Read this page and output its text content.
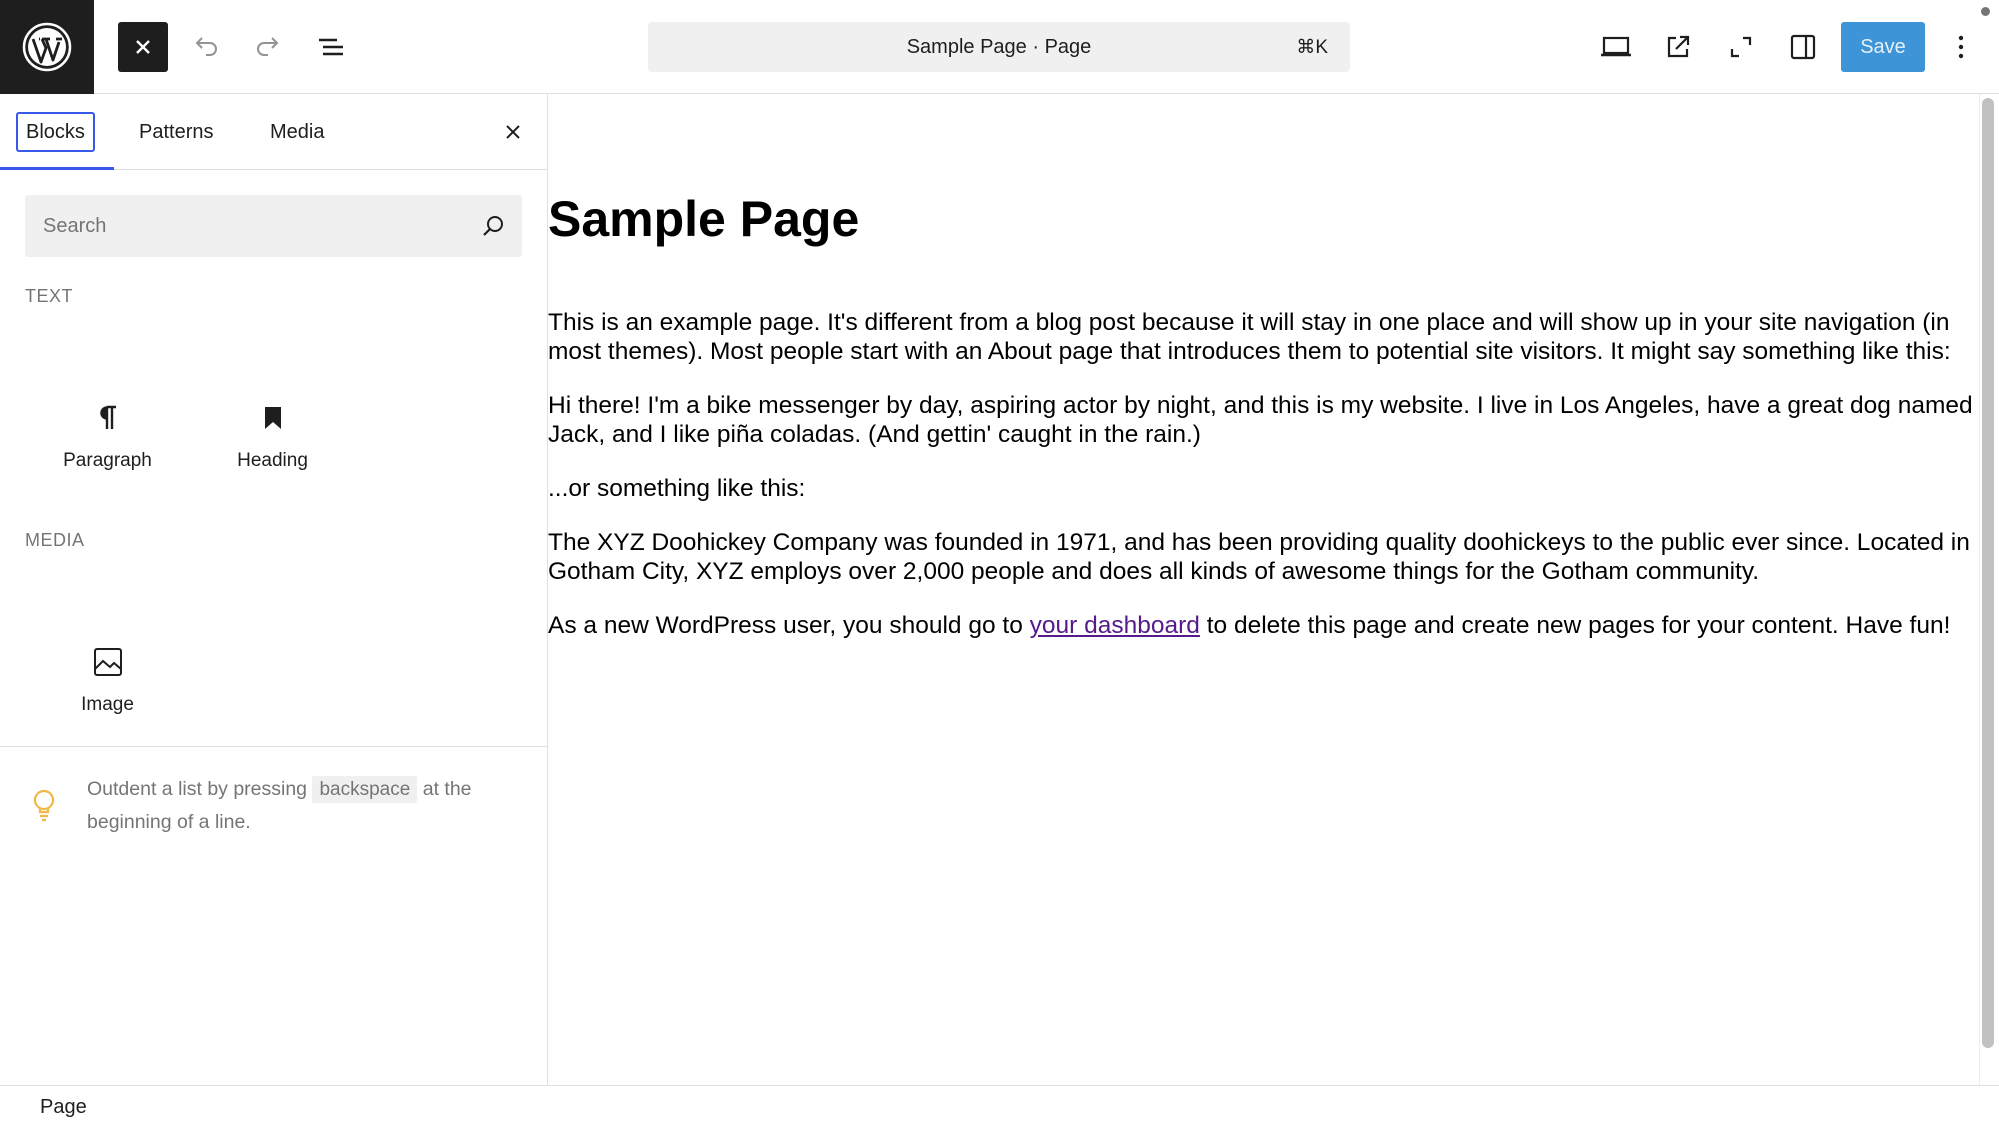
Sample Page · Page	⌘K	Save
Blocks	Patterns	Media
Search
TEXT
Paragraph	Heading
MEDIA
Image
Outdent a list by pressing backspace at the beginning of a line.
Sample Page

This is an example page. It's different from a blog post because it will stay in one place and will show up in your site navigation (in most themes). Most people start with an About page that introduces them to potential site visitors. It might say something like this:

Hi there! I'm a bike messenger by day, aspiring actor by night, and this is my website. I live in Los Angeles, have a great dog named Jack, and I like piña coladas. (And gettin' caught in the rain.)

...or something like this:

The XYZ Doohickey Company was founded in 1971, and has been providing quality doohickeys to the public ever since. Located in Gotham City, XYZ employs over 2,000 people and does all kinds of awesome things for the Gotham community.

As a new WordPress user, you should go to your dashboard to delete this page and create new pages for your content. Have fun!

Page
